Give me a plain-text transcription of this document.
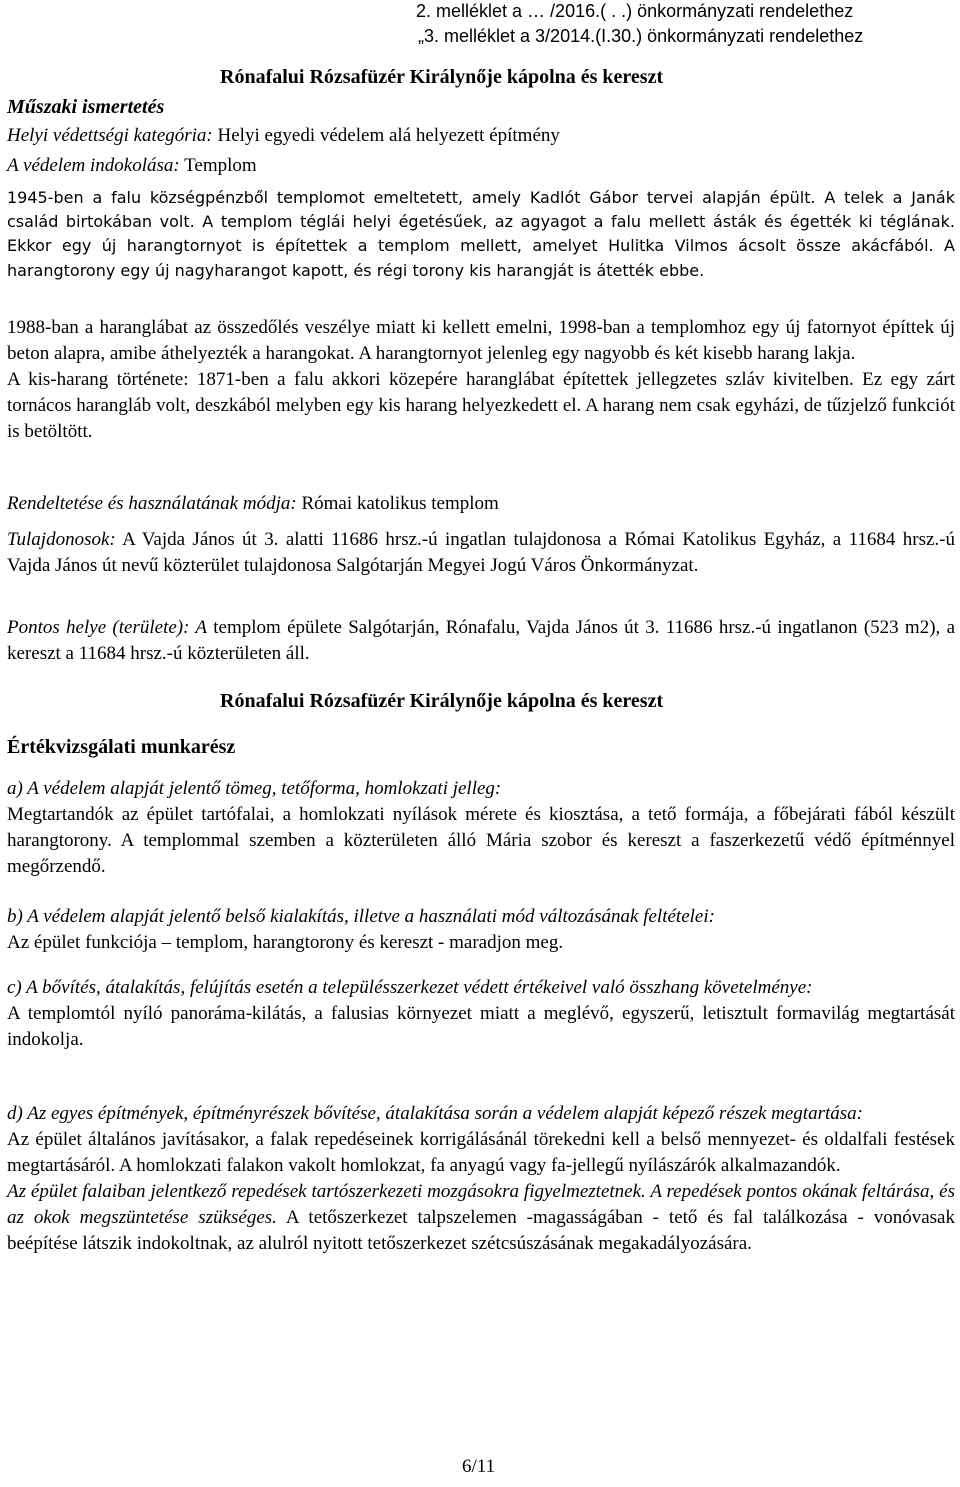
2. melléklet a … /2016.( . .) önkormányzati rendelethez
„3. melléklet a 3/2014.(I.30.) önkormányzati rendelethez
Rónafalui Rózsafüzér Királynője kápolna és kereszt
Műszaki ismertetés
Helyi védettségi kategória: Helyi egyedi védelem alá helyezett építmény
A védelem indokolása: Templom

1945-ben a falu községpénzből templomot emeltetett, amely Kadlót Gábor tervei alapján épült. A telek a Janák család birtokában volt. A templom téglái helyi égetésűek, az agyagot a falu mellett ásták és égették ki téglának. Ekkor egy új harangtornyot is építettek a templom mellett, amelyet Hulitka Vilmos ácsolt össze akácfából. A harangtorony egy új nagyharangot kapott, és régi torony kis harangját is átették ebbe.

1988-ban a haranglábat az összedőlés veszélye miatt ki kellett emelni, 1998-ban a templomhoz egy új fatornyot építtek új beton alapra, amibe áthelyezték a harangokat. A harangtornyot jelenleg egy nagyobb és két kisebb harang lakja.

A kis-harang története: 1871-ben a falu akkori közepére haranglábat építettek jellegzetes szláv kivitelben. Ez egy zárt tornácos harangláb volt, deszkából melyben egy kis harang helyezkedett el. A harang nem csak egyházi, de tűzjelző funkciót is betöltött.

Rendeltetése és használatának módja: Római katolikus templom

Tulajdonosok: A Vajda János út 3. alatti 11686 hrsz.-ú ingatlan tulajdonosa a Római Katolikus Egyház, a 11684 hrsz.-ú Vajda János út nevű közterület tulajdonosa Salgótarján Megyei Jogú Város Önkormányzat.

Pontos helye (területe): A templom épülete Salgótarján, Rónafalu, Vajda János út 3. 11686 hrsz.-ú ingatlanon (523 m2), a kereszt a 11684 hrsz.-ú közterületen áll.

Rónafalui Rózsafüzér Királynője kápolna és kereszt
Értékvizsgálati munkarész

a) A védelem alapját jelentő tömeg, tetőforma, homlokzati jelleg:

Megtartandók az épület tartófalai, a homlokzati nyílások mérete és kiosztása, a tető formája, a főbejárati fából készült harangtorony. A templommal szemben a közterületen álló Mária szobor és kereszt a faszerkezetű védő építménnyel megőrzendő.

b) A védelem alapját jelentő belső kialakítás, illetve a használati mód változásának feltételei:

Az épület funkciója – templom, harangtorony és kereszt - maradjon meg.

c) A bővítés, átalakítás, felújítás esetén a településszerkezet védett értékeivel való összhang követelménye:

A templomtól nyíló panoráma-kilátás, a falusias környezet miatt a meglévő, egyszerű, letisztult formavilág megtartását indokolja.

d) Az egyes építmények, építményrészek bővítése, átalakítása során a védelem alapját képező részek megtartása:

Az épület általános javításakor, a falak repedéseinek korrigálásánál törekedni kell a belső mennyezet- és oldalfali festések megtartásáról. A homlokzati falakon vakolt homlokzat, fa anyagú vagy fa-jellegű nyílászárók alkalmazandók.

Az épület falaiban jelentkező repedések tartószerkezeti mozgásokra figyelmeztetnek. A repedések pontos okának feltárása, és az okok megszüntetése szükséges. A tetőszerkezet talpszelemen -magasságában - tető és fal találkozása - vonóvasak beépítése látszik indokoltnak, az alulról nyitott tetőszerkezet szétcsúszásának megakadályozására.

6/11
